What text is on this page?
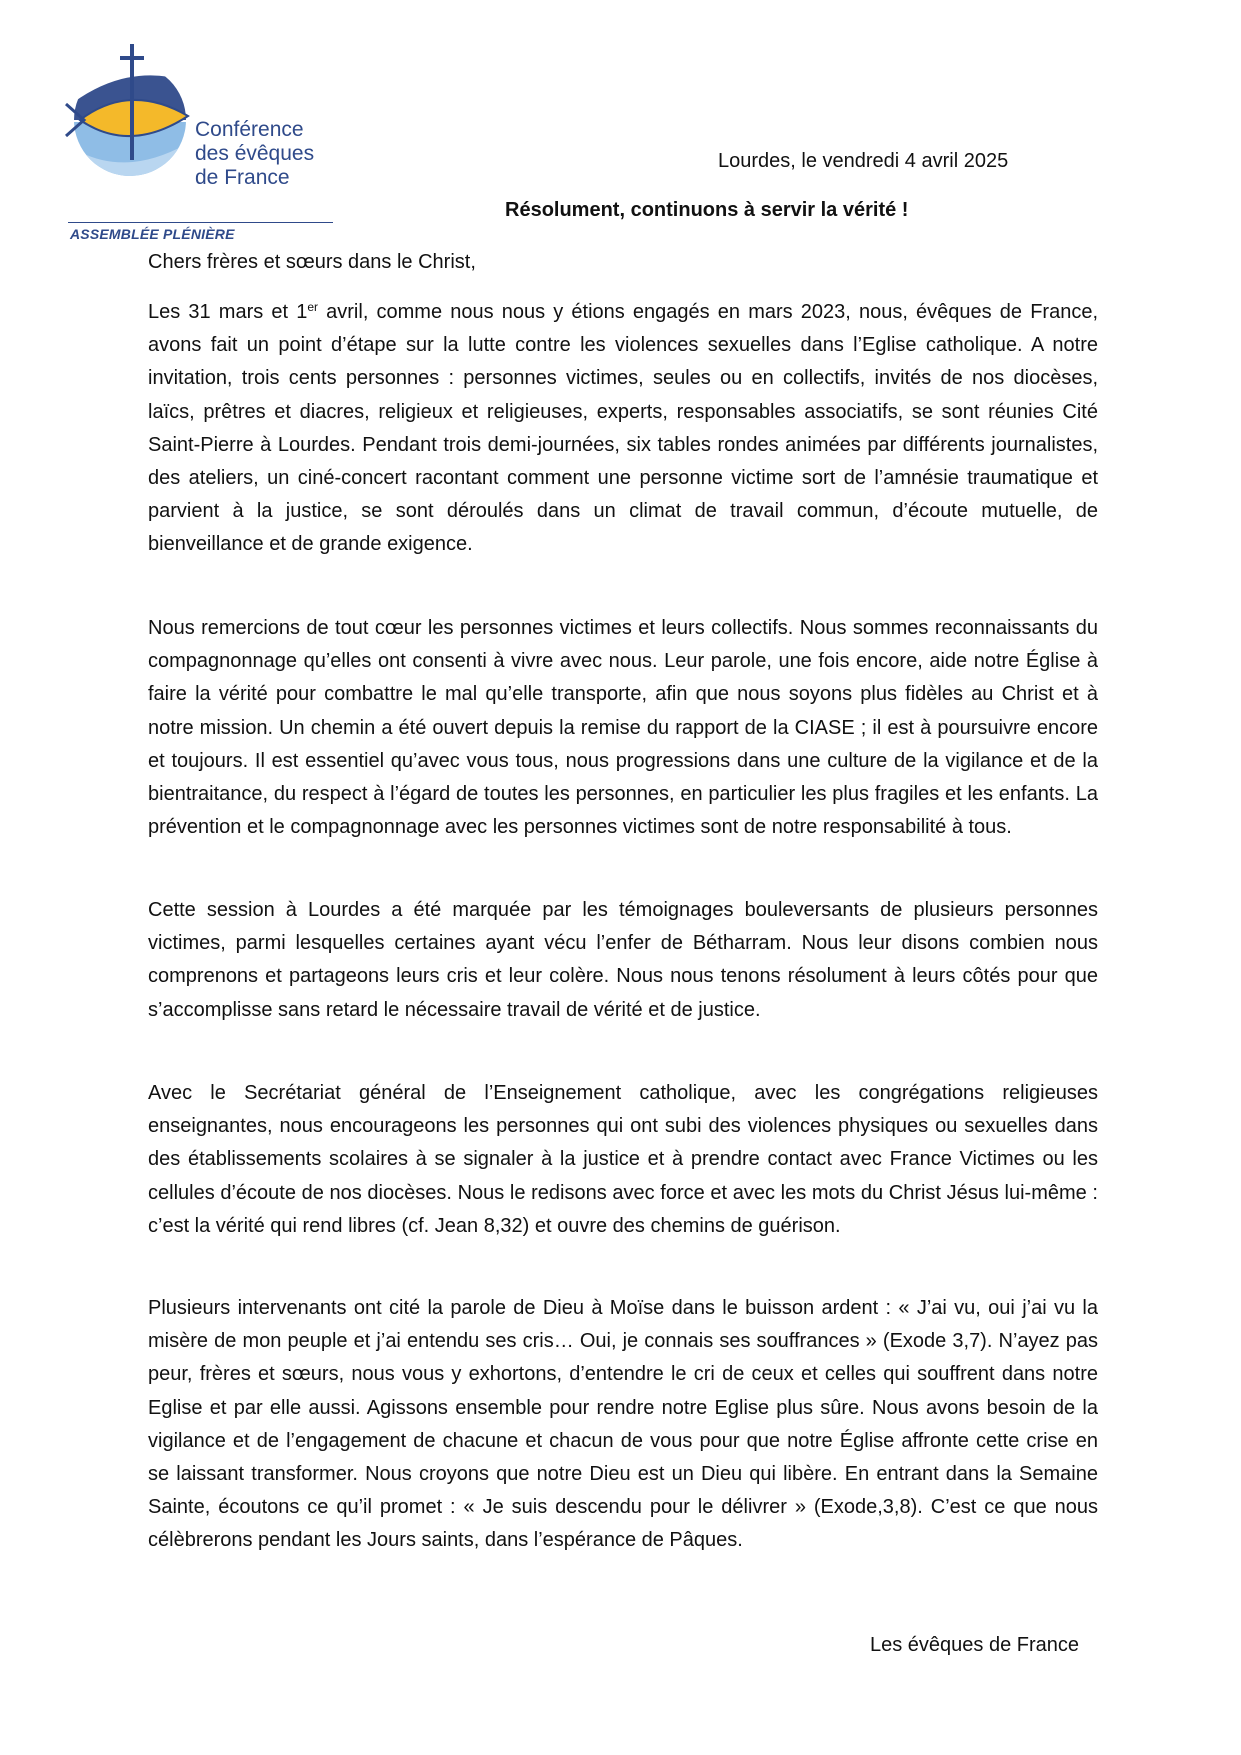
Conférence
des évêques
de France
ASSEMBLÉE PLÉNIÈRE
Lourdes, le vendredi 4 avril 2025
Résolument, continuons à servir la vérité !
Chers frères et sœurs dans le Christ,

Les 31 mars et 1er avril, comme nous nous y étions engagés en mars 2023, nous, évêques de France, avons fait un point d’étape sur la lutte contre les violences sexuelles dans l’Eglise catholique. A notre invitation, trois cents personnes : personnes victimes, seules ou en collectifs, invités de nos diocèses, laïcs, prêtres et diacres, religieux et religieuses, experts, responsables associatifs, se sont réunies Cité Saint-Pierre à Lourdes. Pendant trois demi-journées, six tables rondes animées par différents journalistes, des ateliers, un ciné-concert racontant comment une personne victime sort de l’amnésie traumatique et parvient à la justice, se sont déroulés dans un climat de travail commun, d’écoute mutuelle, de bienveillance et de grande exigence.

Nous remercions de tout cœur les personnes victimes et leurs collectifs. Nous sommes reconnaissants du compagnonnage qu’elles ont consenti à vivre avec nous. Leur parole, une fois encore, aide notre Église à faire la vérité pour combattre le mal qu’elle transporte, afin que nous soyons plus fidèles au Christ et à notre mission. Un chemin a été ouvert depuis la remise du rapport de la CIASE ; il est à poursuivre encore et toujours. Il est essentiel qu’avec vous tous, nous progressions dans une culture de la vigilance et de la bientraitance, du respect à l’égard de toutes les personnes, en particulier les plus fragiles et les enfants. La prévention et le compagnonnage avec les personnes victimes sont de notre responsabilité à tous.

Cette session à Lourdes a été marquée par les témoignages bouleversants de plusieurs personnes victimes, parmi lesquelles certaines ayant vécu l’enfer de Bétharram. Nous leur disons combien nous comprenons et partageons leurs cris et leur colère. Nous nous tenons résolument à leurs côtés pour que s’accomplisse sans retard le nécessaire travail de vérité et de justice.

Avec le Secrétariat général de l’Enseignement catholique, avec les congrégations religieuses enseignantes, nous encourageons les personnes qui ont subi des violences physiques ou sexuelles dans des établissements scolaires à se signaler à la justice et à prendre contact avec France Victimes ou les cellules d’écoute de nos diocèses. Nous le redisons avec force et avec les mots du Christ Jésus lui-même : c’est la vérité qui rend libres (cf. Jean 8,32) et ouvre des chemins de guérison.

Plusieurs intervenants ont cité la parole de Dieu à Moïse dans le buisson ardent : « J’ai vu, oui j’ai vu la misère de mon peuple et j’ai entendu ses cris… Oui, je connais ses souffrances » (Exode 3,7). N’ayez pas peur, frères et sœurs, nous vous y exhortons, d’entendre le cri de ceux et celles qui souffrent dans notre Eglise et par elle aussi. Agissons ensemble pour rendre notre Eglise plus sûre. Nous avons besoin de la vigilance et de l’engagement de chacune et chacun de vous pour que notre Église affronte cette crise en se laissant transformer. Nous croyons que notre Dieu est un Dieu qui libère. En entrant dans la Semaine Sainte, écoutons ce qu’il promet : « Je suis descendu pour le délivrer » (Exode,3,8). C’est ce que nous célèbrerons pendant les Jours saints, dans l’espérance de Pâques.

Les évêques de France
